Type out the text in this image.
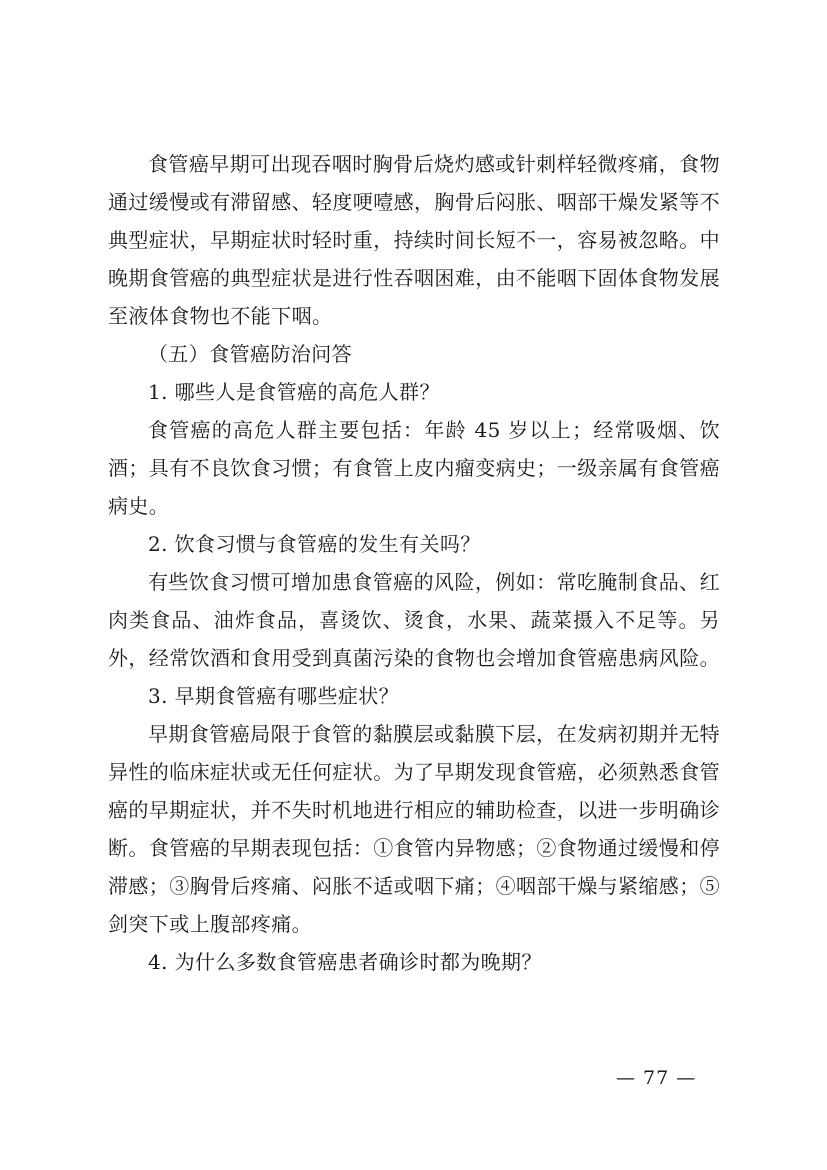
食管癌早期可出现吞咽时胸骨后烧灼感或针刺样轻微疼痛，食物通过缓慢或有滞留感、轻度哽噎感，胸骨后闷胀、咽部干燥发紧等不典型症状，早期症状时轻时重，持续时间长短不一，容易被忽略。中晚期食管癌的典型症状是进行性吞咽困难，由不能咽下固体食物发展至液体食物也不能下咽。

（五）食管癌防治问答

1. 哪些人是食管癌的高危人群？

食管癌的高危人群主要包括：年龄 45 岁以上；经常吸烟、饮酒；具有不良饮食习惯；有食管上皮内瘤变病史；一级亲属有食管癌病史。

2. 饮食习惯与食管癌的发生有关吗？

有些饮食习惯可增加患食管癌的风险，例如：常吃腌制食品、红肉类食品、油炸食品，喜烫饮、烫食，水果、蔬菜摄入不足等。另外，经常饮酒和食用受到真菌污染的食物也会增加食管癌患病风险。

3. 早期食管癌有哪些症状？

早期食管癌局限于食管的黏膜层或黏膜下层，在发病初期并无特异性的临床症状或无任何症状。为了早期发现食管癌，必须熟悉食管癌的早期症状，并不失时机地进行相应的辅助检查，以进一步明确诊断。食管癌的早期表现包括：①食管内异物感；②食物通过缓慢和停滞感；③胸骨后疼痛、闷胀不适或咽下痛；④咽部干燥与紧缩感；⑤剑突下或上腹部疼痛。

4. 为什么多数食管癌患者确诊时都为晚期？

— 77 —
